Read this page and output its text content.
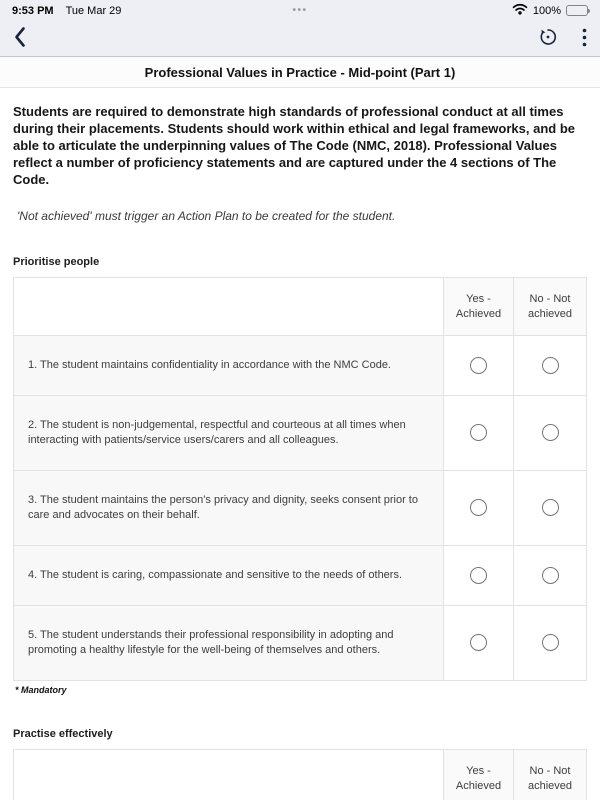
9:53 PM Tue Mar 29	•••	100%
Professional Values in Practice - Mid-point (Part 1)

Students are required to demonstrate high standards of professional conduct at all times during their placements. Students should work within ethical and legal frameworks, and be able to articulate the underpinning values of The Code (NMC, 2018). Professional Values reflect a number of proficiency statements and are captured under the 4 sections of The Code.

'Not achieved' must trigger an Action Plan to be created for the student.

Prioritise people
	Yes - Achieved	No - Not achieved
1. The student maintains confidentiality in accordance with the NMC Code.		
2. The student is non-judgemental, respectful and courteous at all times when interacting with patients/service users/carers and all colleagues.		
3. The student maintains the person's privacy and dignity, seeks consent prior to care and advocates on their behalf.		
4. The student is caring, compassionate and sensitive to the needs of others.		
5. The student understands their professional responsibility in adopting and promoting a healthy lifestyle for the well-being of themselves and others.		
* Mandatory
Practise effectively
	Yes - Achieved	No - Not achieved
